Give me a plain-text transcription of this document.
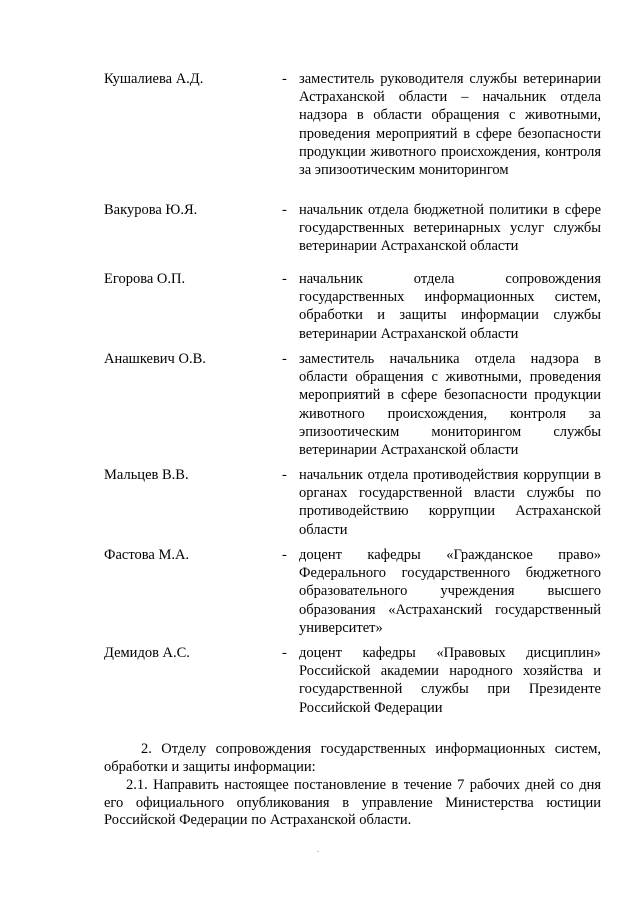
Кушалиева А.Д.	- заместитель руководителя службы ветеринарии Астраханской области – начальник отдела надзора в области обращения с животными, проведения мероприятий в сфере безопасности продукции животного происхождения, контроля за эпизоотическим мониторингом
Вакурова Ю.Я.	- начальник отдела бюджетной политики в сфере государственных ветеринарных услуг службы ветеринарии Астраханской области
Егорова О.П.	- начальник отдела сопровождения государственных информационных систем, обработки и защиты информации службы ветеринарии Астраханской области
Анашкевич О.В.	- заместитель начальника отдела надзора в области обращения с животными, проведения мероприятий в сфере безопасности продукции животного происхождения, контроля за эпизоотическим мониторингом службы ветеринарии Астраханской области
Мальцев В.В.	- начальник отдела противодействия коррупции в органах государственной власти службы по противодействию коррупции Астраханской области
Фастова М.А.	- доцент кафедры «Гражданское право» Федерального государственного бюджетного образовательного учреждения высшего образования «Астраханский государственный университет»
Демидов А.С.	- доцент кафедры «Правовых дисциплин» Российской академии народного хозяйства и государственной службы при Президенте Российской Федерации

2. Отделу сопровождения государственных информационных систем, обработки и защиты информации:

2.1. Направить настоящее постановление в течение 7 рабочих дней со дня его официального опубликования в управление Министерства юстиции Российской Федерации по Астраханской области.
